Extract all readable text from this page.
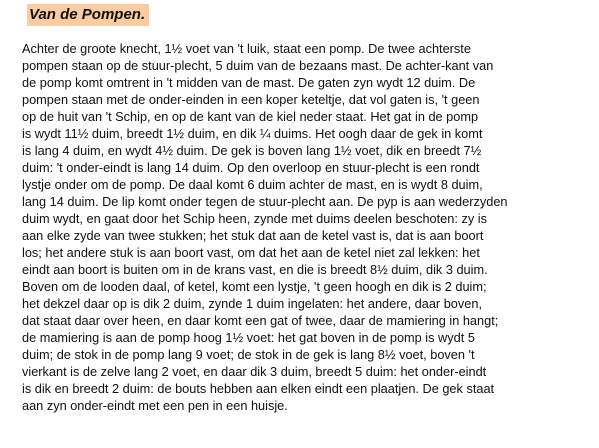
Van de Pompen.
Achter de groote knecht, 1½ voet van 't luik, staat een pomp. De twee achterste
pompen staan op de stuur-plecht, 5 duim van de bezaans mast. De achter-kant van
de pomp komt omtrent in 't midden van de mast. De gaten zyn wydt 12 duim. De
pompen staan met de onder-einden in een koper keteltje, dat vol gaten is, 't geen
op de huit van 't Schip, en op de kant van de kiel neder staat. Het gat in de pomp
is wydt 11½ duim, breedt 1½ duim, en dik ¼ duims. Het oogh daar de gek in komt
is lang 4 duim, en wydt 4½ duim. De gek is boven lang 1½ voet, dik en breedt 7½
duim: 't onder-eindt is lang 14 duim. Op den overloop en stuur-plecht is een rondt
lystje onder om de pomp. De daal komt 6 duim achter de mast, en is wydt 8 duim,
lang 14 duim. De lip komt onder tegen de stuur-plecht aan. De pyp is aan wederzyden
duim wydt, en gaat door het Schip heen, zynde met duims deelen beschoten: zy is
aan elke zyde van twee stukken; het stuk dat aan de ketel vast is, dat is aan boort
los; het andere stuk is aan boort vast, om dat het aan de ketel niet zal lekken: het
eindt aan boort is buiten om in de krans vast, en die is breedt 8½ duim, dik 3 duim.
Boven om de looden daal, of ketel, komt een lystje, 't geen hoogh en dik is 2 duim;
het dekzel daar op is dik 2 duim, zynde 1 duim ingelaten: het andere, daar boven,
dat staat daar over heen, en daar komt een gat of twee, daar de mamiering in hangt;
de mamiering is aan de pomp hoog 1½ voet: het gat boven in de pomp is wydt 5
duim; de stok in de pomp lang 9 voet; de stok in de gek is lang 8½ voet, boven 't
vierkant is de zelve lang 2 voet, en daar dik 3 duim, breedt 5 duim: het onder-eindt
is dik en breedt 2 duim: de bouts hebben aan elken eindt een plaatjen. De gek staat
aan zyn onder-eindt met een pen in een huisje.
